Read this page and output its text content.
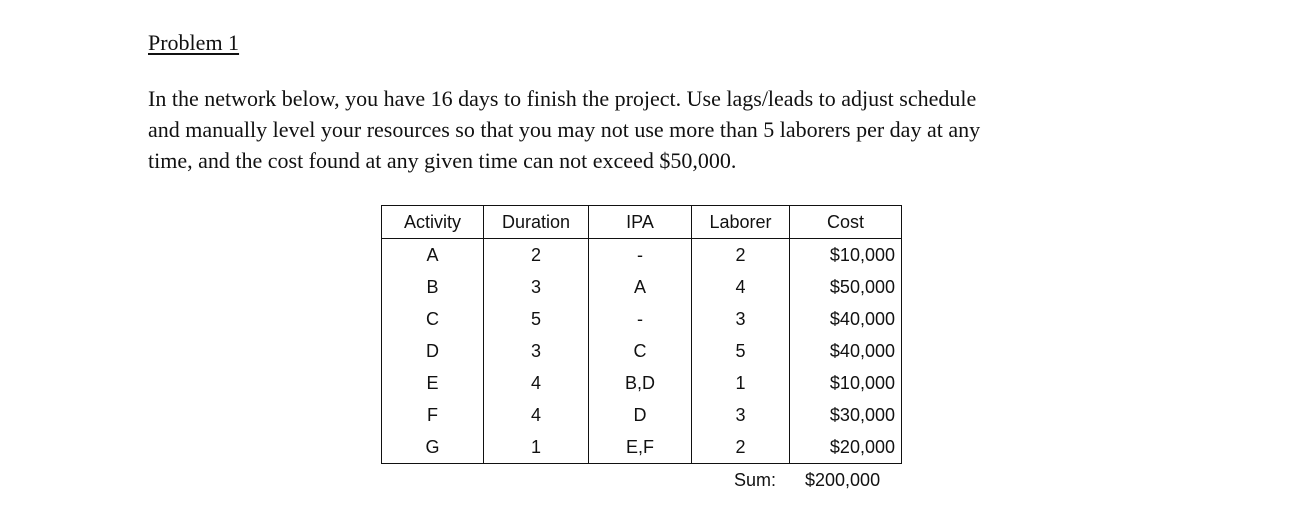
Problem 1

In the network below, you have 16 days to finish the project. Use lags/leads to adjust schedule
and manually level your resources so that you may not use more than 5 laborers per day at any
time, and the cost found at any given time can not exceed $50,000.

Activity	Duration	IPA	Laborer	Cost
A	2	-	2	$10,000
B	3	A	4	$50,000
C	5	-	3	$40,000
D	3	C	5	$40,000
E	4	B,D	1	$10,000
F	4	D	3	$30,000
G	1	E,F	2	$20,000
Sum: $200,000
